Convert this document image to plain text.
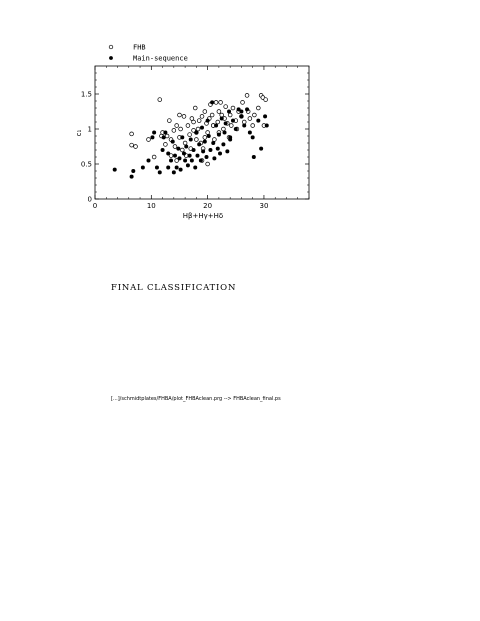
FHB
Main-sequence
0	10	20	30
0
0.5
1
1.5
Hβ+Hγ+Hδ
c₁
FINAL CLASSIFICATION
[...]/schmidtplates/FHBA/plot_FHBAclean.prg --> FHBAclean_final.ps
